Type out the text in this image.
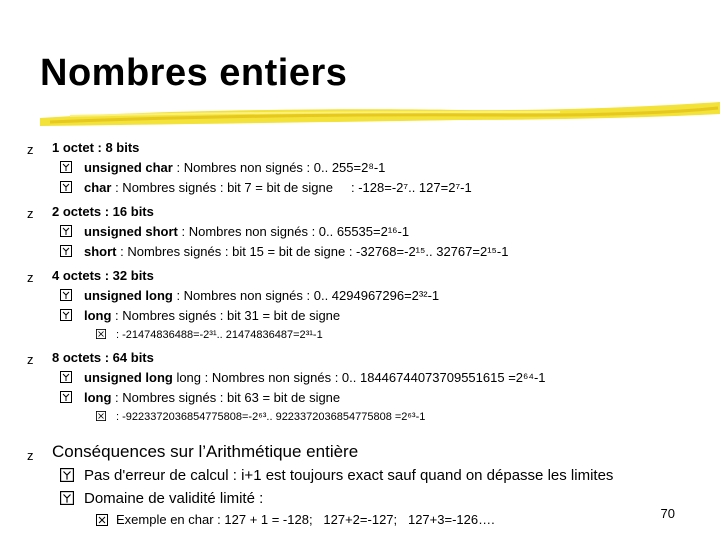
Nombres entiers
z 1 octet : 8 bits
unsigned char : Nombres non signés : 0.. 255=2⁸-1
char : Nombres signés : bit 7 = bit de signe     : -128=-2⁷.. 127=2⁷-1
z 2 octets : 16 bits
unsigned short : Nombres non signés : 0.. 65535=2¹⁶-1
short : Nombres signés : bit 15 = bit de signe : -32768=-2¹⁵.. 32767=2¹⁵-1
z 4 octets : 32 bits
unsigned long : Nombres non signés : 0.. 4294967296=2³²-1
long : Nombres signés : bit 31 = bit de signe
: -21474836488=-2³¹.. 21474836487=2³¹-1
z 8 octets : 64 bits
unsigned long long : Nombres non signés : 0.. 18446744073709551615 =2⁶⁴-1
long : Nombres signés : bit 63 = bit de signe
: -9223372036854775808=-2⁶³.. 9223372036854775808 =2⁶³-1
z Conséquences sur l’Arithmétique entière
Pas d'erreur de calcul : i+1 est toujours exact sauf quand on dépasse les limites
Domaine de validité limité :
Exemple en char : 127 + 1 = -128;   127+2=-127;   127+3=-126….	70
